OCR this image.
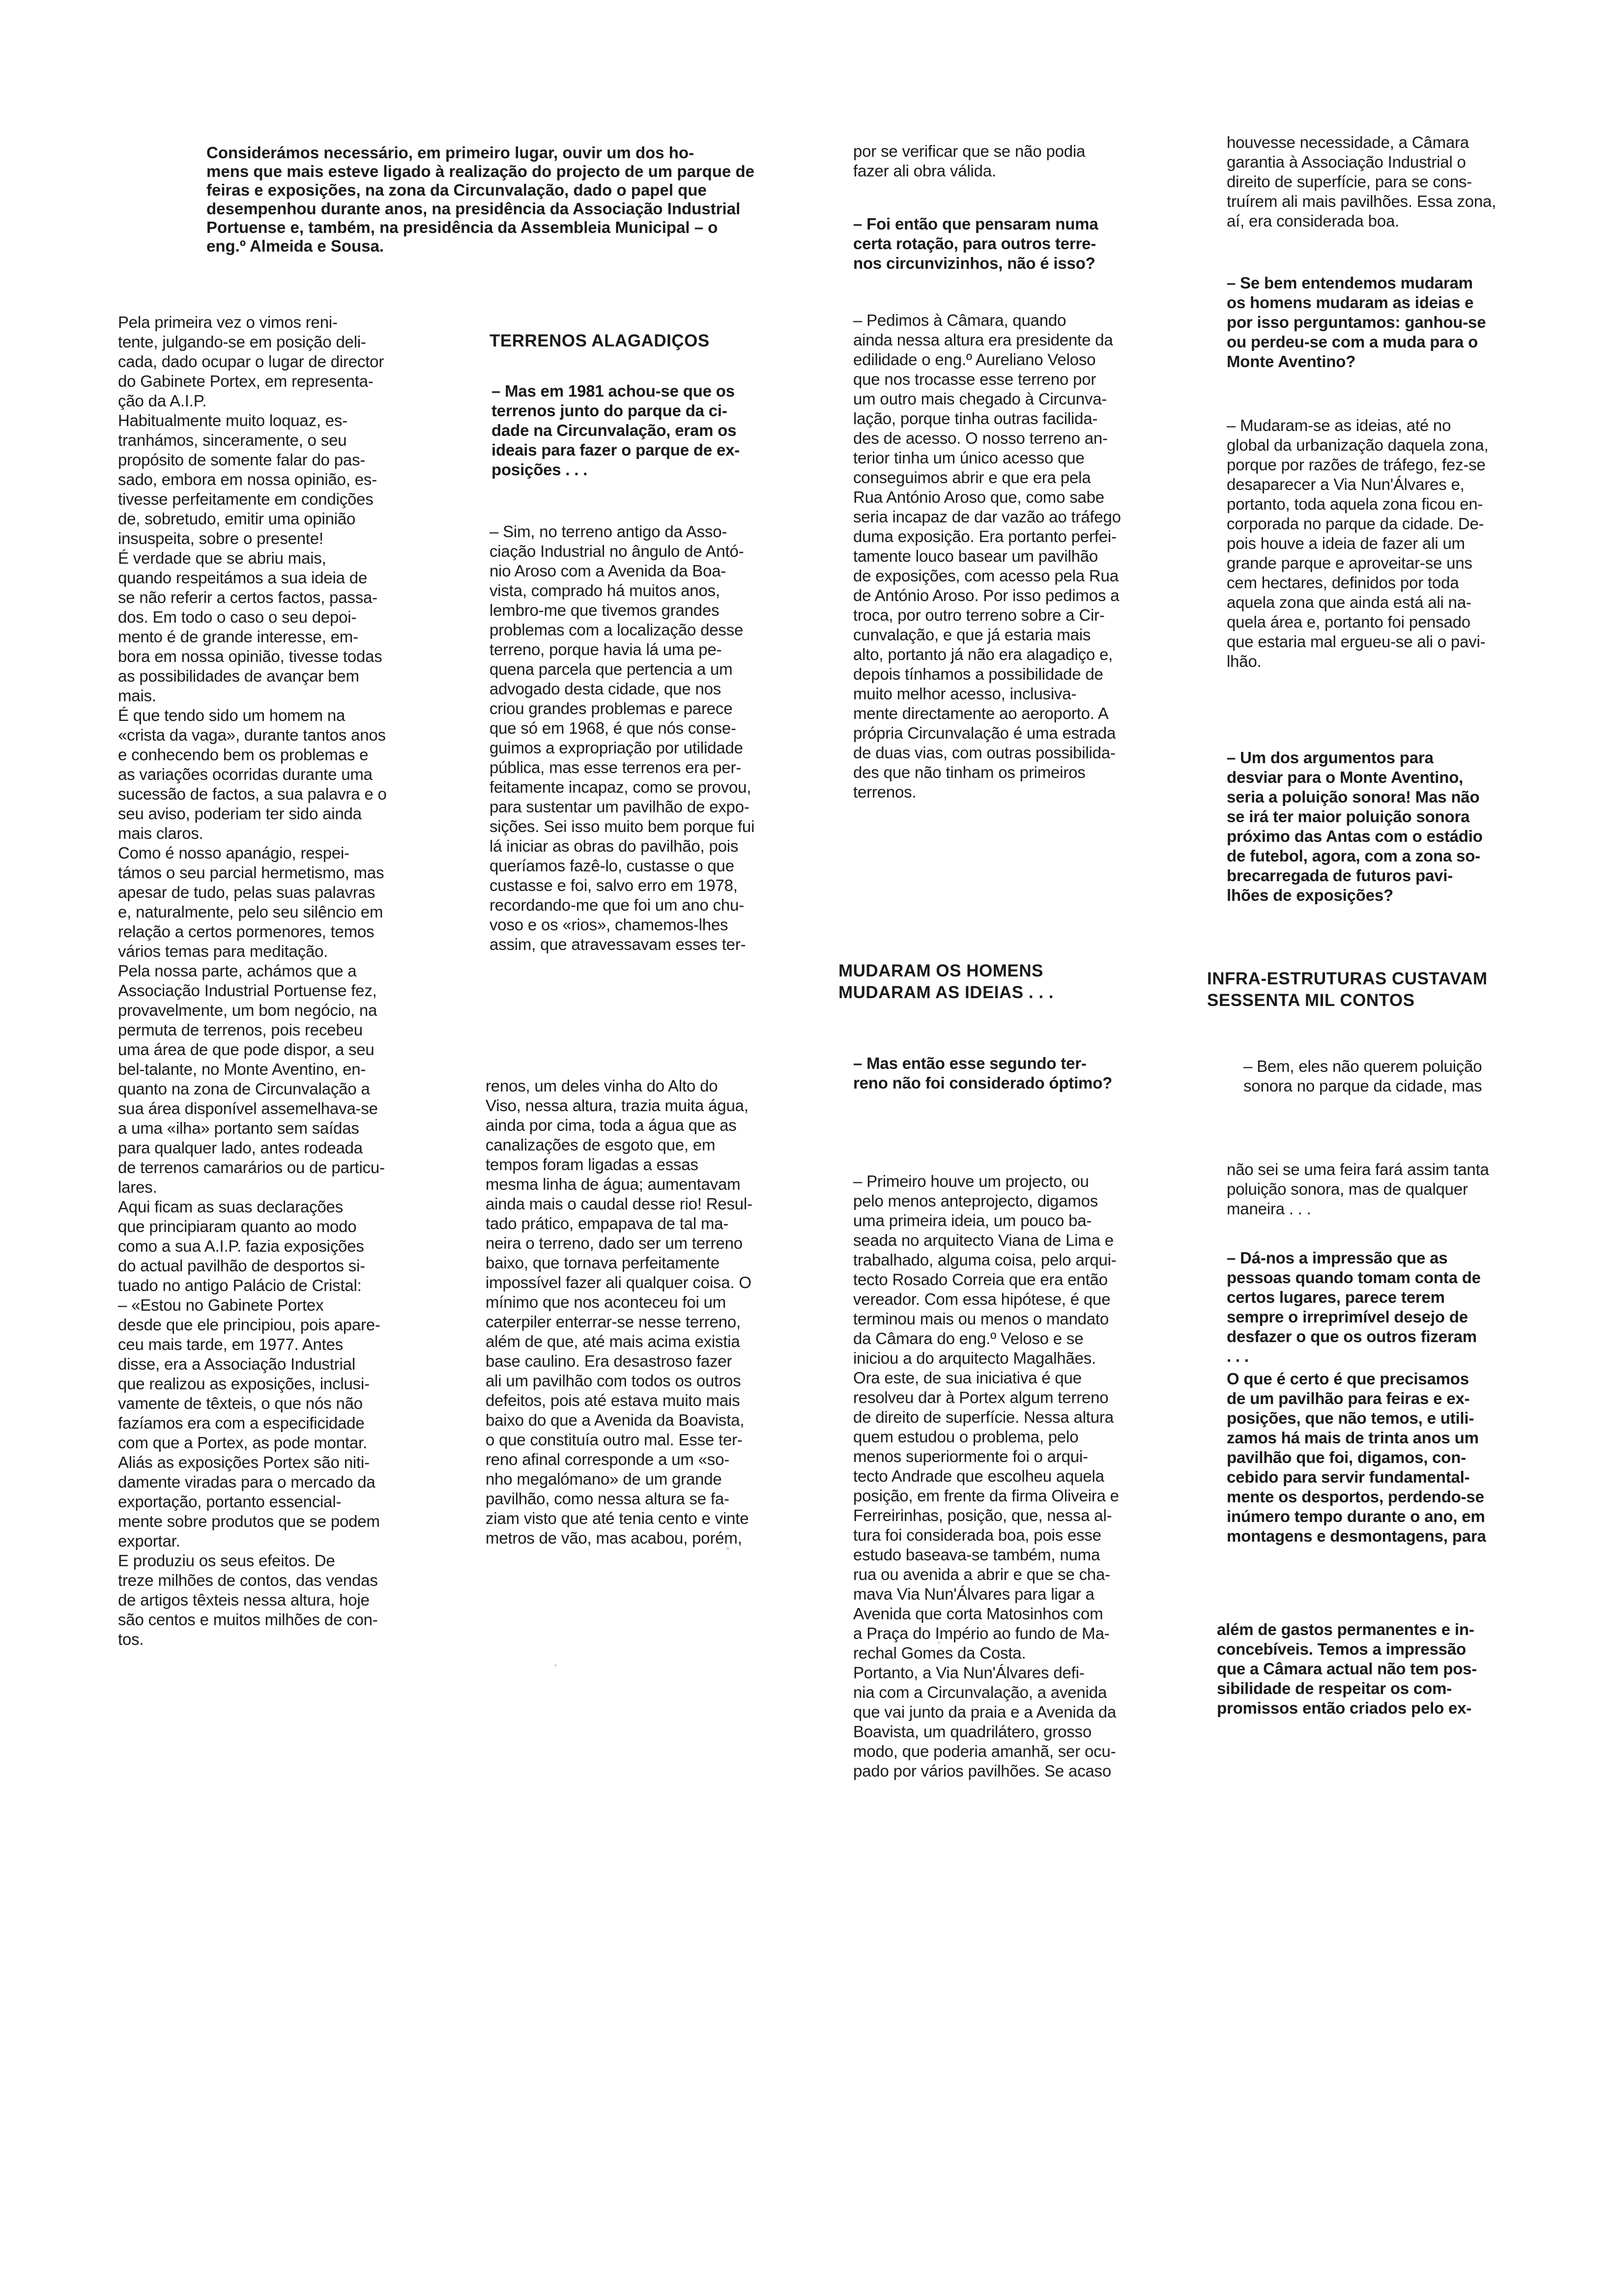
Considerámos necessário, em primeiro lugar, ouvir um dos ho-
mens que mais esteve ligado à realização do projecto de um parque de
feiras e exposições, na zona da Circunvalação, dado o papel que
desempenhou durante anos, na presidência da Associação Industrial
Portuense e, também, na presidência da Assembleia Municipal – o
eng.º Almeida e Sousa.
Pela primeira vez o vimos reni-
tente, julgando-se em posição deli-
cada, dado ocupar o lugar de director
do Gabinete Portex, em representa-
ção da A.I.P.
Habitualmente muito loquaz, es-
tranhámos, sinceramente, o seu
propósito de somente falar do pas-
sado, embora em nossa opinião, es-
tivesse perfeitamente em condições
de, sobretudo, emitir uma opinião
insuspeita, sobre o presente!
É verdade que se abriu mais,
quando respeitámos a sua ideia de
se não referir a certos factos, passa-
dos. Em todo o caso o seu depoi-
mento é de grande interesse, em-
bora em nossa opinião, tivesse todas
as possibilidades de avançar bem
mais.
É que tendo sido um homem na
«crista da vaga», durante tantos anos
e conhecendo bem os problemas e
as variações ocorridas durante uma
sucessão de factos, a sua palavra e o
seu aviso, poderiam ter sido ainda
mais claros.
Como é nosso apanágio, respei-
támos o seu parcial hermetismo, mas
apesar de tudo, pelas suas palavras
e, naturalmente, pelo seu silêncio em
relação a certos pormenores, temos
vários temas para meditação.
Pela nossa parte, achámos que a
Associação Industrial Portuense fez,
provavelmente, um bom negócio, na
permuta de terrenos, pois recebeu
uma área de que pode dispor, a seu
bel-talante, no Monte Aventino, en-
quanto na zona de Circunvalação a
sua área disponível assemelhava-se
a uma «ilha» portanto sem saídas
para qualquer lado, antes rodeada
de terrenos camarários ou de particu-
lares.
Aqui ficam as suas declarações
que principiaram quanto ao modo
como a sua A.I.P. fazia exposições
do actual pavilhão de desportos si-
tuado no antigo Palácio de Cristal:
– «Estou no Gabinete Portex
desde que ele principiou, pois apare-
ceu mais tarde, em 1977. Antes
disse, era a Associação Industrial
que realizou as exposições, inclusi-
vamente de têxteis, o que nós não
fazíamos era com a especificidade
com que a Portex, as pode montar.
Aliás as exposições Portex são niti-
damente viradas para o mercado da
exportação, portanto essencial-
mente sobre produtos que se podem
exportar.
E produziu os seus efeitos. De
treze milhões de contos, das vendas
de artigos têxteis nessa altura, hoje
são centos e muitos milhões de con-
tos.
TERRENOS ALAGADIÇOS
– Mas em 1981 achou-se que os
terrenos junto do parque da ci-
dade na Circunvalação, eram os
ideais para fazer o parque de ex-
posições . . .
– Sim, no terreno antigo da Asso-
ciação Industrial no ângulo de Antó-
nio Aroso com a Avenida da Boa-
vista, comprado há muitos anos,
lembro-me que tivemos grandes
problemas com a localização desse
terreno, porque havia lá uma pe-
quena parcela que pertencia a um
advogado desta cidade, que nos
criou grandes problemas e parece
que só em 1968, é que nós conse-
guimos a expropriação por utilidade
pública, mas esse terrenos era per-
feitamente incapaz, como se provou,
para sustentar um pavilhão de expo-
sições. Sei isso muito bem porque fui
lá iniciar as obras do pavilhão, pois
queríamos fazê-lo, custasse o que
custasse e foi, salvo erro em 1978,
recordando-me que foi um ano chu-
voso e os «rios», chamemos-lhes
assim, que atravessavam esses ter-
renos, um deles vinha do Alto do
Viso, nessa altura, trazia muita água,
ainda por cima, toda a água que as
canalizações de esgoto que, em
tempos foram ligadas a essas
mesma linha de água; aumentavam
ainda mais o caudal desse rio! Resul-
tado prático, empapava de tal ma-
neira o terreno, dado ser um terreno
baixo, que tornava perfeitamente
impossível fazer ali qualquer coisa. O
mínimo que nos aconteceu foi um
caterpiler enterrar-se nesse terreno,
além de que, até mais acima existia
base caulino. Era desastroso fazer
ali um pavilhão com todos os outros
defeitos, pois até estava muito mais
baixo do que a Avenida da Boavista,
o que constituía outro mal. Esse ter-
reno afinal corresponde a um «so-
nho megalómano» de um grande
pavilhão, como nessa altura se fa-
ziam visto que até tenia cento e vinte
metros de vão, mas acabou, porém,
por se verificar que se não podia
fazer ali obra válida.
– Foi então que pensaram numa
certa rotação, para outros terre-
nos circunvizinhos, não é isso?
– Pedimos à Câmara, quando
ainda nessa altura era presidente da
edilidade o eng.º Aureliano Veloso
que nos trocasse esse terreno por
um outro mais chegado à Circunva-
lação, porque tinha outras facilida-
des de acesso. O nosso terreno an-
terior tinha um único acesso que
conseguimos abrir e que era pela
Rua António Aroso que, como sabe
seria incapaz de dar vazão ao tráfego
duma exposição. Era portanto perfei-
tamente louco basear um pavilhão
de exposições, com acesso pela Rua
de António Aroso. Por isso pedimos a
troca, por outro terreno sobre a Cir-
cunvalação, e que já estaria mais
alto, portanto já não era alagadiço e,
depois tínhamos a possibilidade de
muito melhor acesso, inclusiva-
mente directamente ao aeroporto. A
própria Circunvalação é uma estrada
de duas vias, com outras possibilida-
des que não tinham os primeiros
terrenos.
MUDARAM OS HOMENS
MUDARAM AS IDEIAS . . .
– Mas então esse segundo ter-
reno não foi considerado óptimo?
– Primeiro houve um projecto, ou
pelo menos anteprojecto, digamos
uma primeira ideia, um pouco ba-
seada no arquitecto Viana de Lima e
trabalhado, alguma coisa, pelo arqui-
tecto Rosado Correia que era então
vereador. Com essa hipótese, é que
terminou mais ou menos o mandato
da Câmara do eng.º Veloso e se
iniciou a do arquitecto Magalhães.
Ora este, de sua iniciativa é que
resolveu dar à Portex algum terreno
de direito de superfície. Nessa altura
quem estudou o problema, pelo
menos superiormente foi o arqui-
tecto Andrade que escolheu aquela
posição, em frente da firma Oliveira e
Ferreirinhas, posição, que, nessa al-
tura foi considerada boa, pois esse
estudo baseava-se também, numa
rua ou avenida a abrir e que se cha-
mava Via Nun'Álvares para ligar a
Avenida que corta Matosinhos com
a Praça do Império ao fundo de Ma-
rechal Gomes da Costa.
Portanto, a Via Nun'Álvares defi-
nia com a Circunvalação, a avenida
que vai junto da praia e a Avenida da
Boavista, um quadrilátero, grosso
modo, que poderia amanhã, ser ocu-
pado por vários pavilhões. Se acaso
houvesse necessidade, a Câmara
garantia à Associação Industrial o
direito de superfície, para se cons-
truírem ali mais pavilhões. Essa zona,
aí, era considerada boa.
– Se bem entendemos mudaram
os homens mudaram as ideias e
por isso perguntamos: ganhou-se
ou perdeu-se com a muda para o
Monte Aventino?
– Mudaram-se as ideias, até no
global da urbanização daquela zona,
porque por razões de tráfego, fez-se
desaparecer a Via Nun'Álvares e,
portanto, toda aquela zona ficou en-
corporada no parque da cidade. De-
pois houve a ideia de fazer ali um
grande parque e aproveitar-se uns
cem hectares, definidos por toda
aquela zona que ainda está ali na-
quela área e, portanto foi pensado
que estaria mal ergueu-se ali o pavi-
lhão.
– Um dos argumentos para
desviar para o Monte Aventino,
seria a poluição sonora! Mas não
se irá ter maior poluição sonora
próximo das Antas com o estádio
de futebol, agora, com a zona so-
brecarregada de futuros pavi-
lhões de exposições?
INFRA-ESTRUTURAS CUSTAVAM
SESSENTA MIL CONTOS
– Bem, eles não querem poluição
sonora no parque da cidade, mas
não sei se uma feira fará assim tanta
poluição sonora, mas de qualquer
maneira . . .
– Dá-nos a impressão que as
pessoas quando tomam conta de
certos lugares, parece terem
sempre o irreprimível desejo de
desfazer o que os outros fizeram
. . .
O que é certo é que precisamos
de um pavilhão para feiras e ex-
posições, que não temos, e utili-
zamos há mais de trinta anos um
pavilhão que foi, digamos, con-
cebido para servir fundamental-
mente os desportos, perdendo-se
inúmero tempo durante o ano, em
montagens e desmontagens, para
além de gastos permanentes e in-
concebíveis. Temos a impressão
que a Câmara actual não tem pos-
sibilidade de respeitar os com-
promissos então criados pelo ex-
